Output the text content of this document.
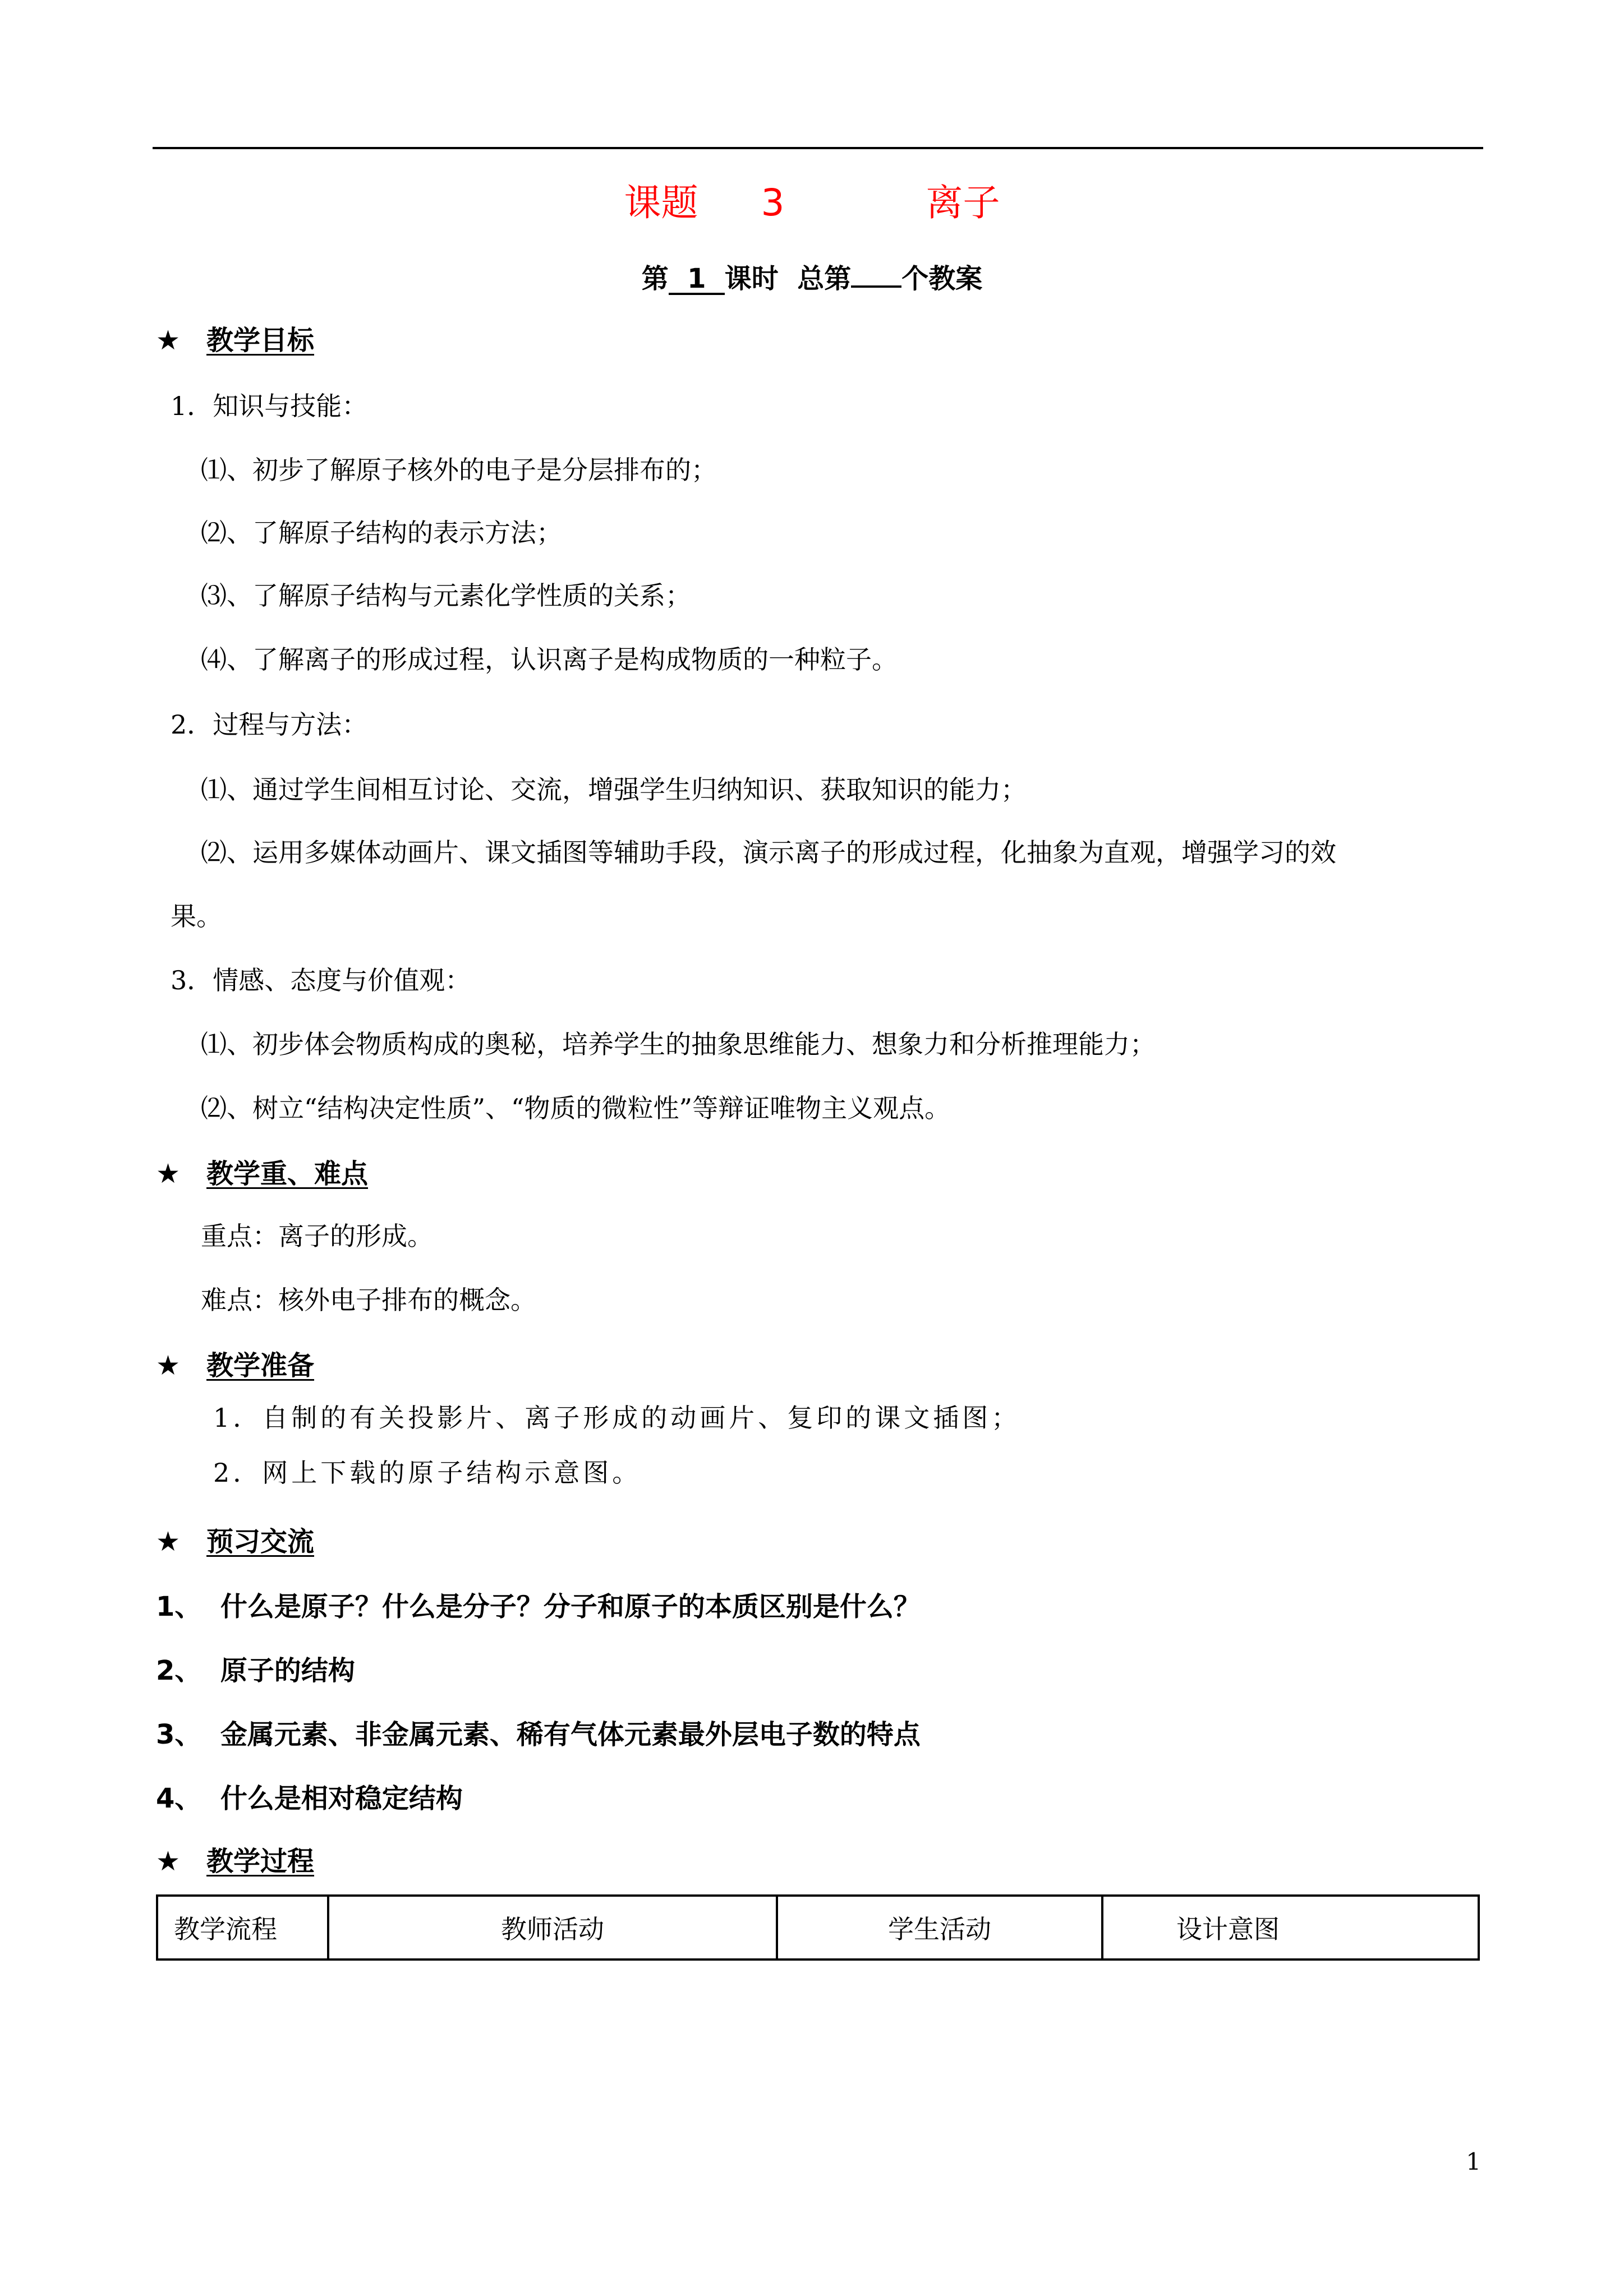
课题 3	离子
第 1 课时  总第 个教案
★ 教学目标
1．知识与技能：
⑴、初步了解原子核外的电子是分层排布的；
⑵、了解原子结构的表示方法；
⑶、了解原子结构与元素化学性质的关系；
⑷、了解离子的形成过程，认识离子是构成物质的一种粒子。
2．过程与方法：
⑴、通过学生间相互讨论、交流，增强学生归纳知识、获取知识的能力；
⑵、运用多媒体动画片、课文插图等辅助手段，演示离子的形成过程，化抽象为直观，增强学习的效
果。
3．情感、态度与价值观：
⑴、初步体会物质构成的奥秘，培养学生的抽象思维能力、想象力和分析推理能力；
⑵、树立“结构决定性质”、“物质的微粒性”等辩证唯物主义观点。
★ 教学重、难点
重点：离子的形成。
难点：核外电子排布的概念。
★ 教学准备
1．自制的有关投影片、离子形成的动画片、复印的课文插图；
2．网上下载的原子结构示意图。
★ 预习交流
1、  什么是原子？什么是分子？分子和原子的本质区别是什么？
2、  原子的结构
3、  金属元素、非金属元素、稀有气体元素最外层电子数的特点
4、  什么是相对稳定结构
★ 教学过程
教学流程	教师活动	学生活动	设计意图
1
